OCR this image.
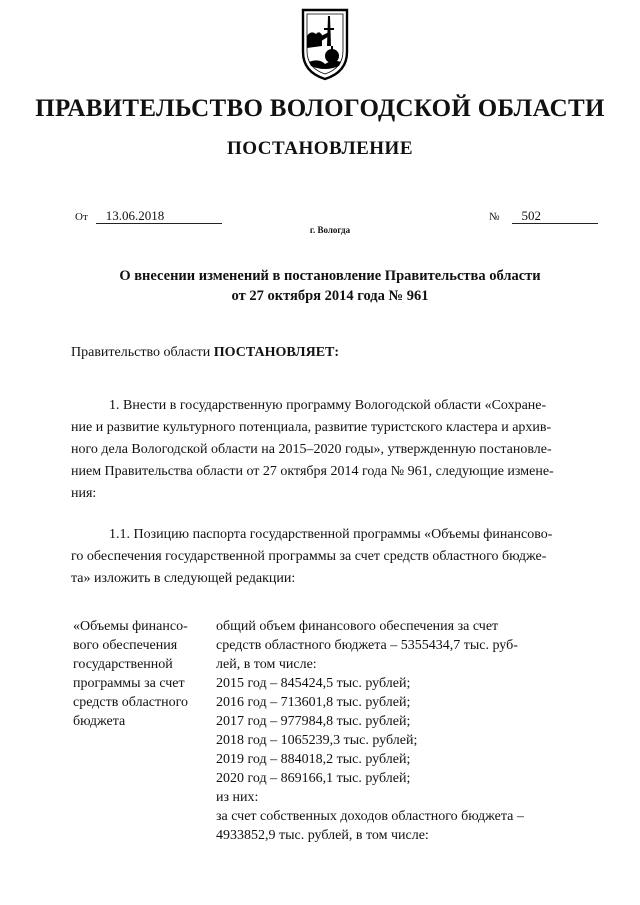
ПРАВИТЕЛЬСТВО ВОЛОГОДСКОЙ ОБЛАСТИ
ПОСТАНОВЛЕНИЕ
От 13.06.2018	№ 502
г. Вологда
О внесении изменений в постановление Правительства области
от 27 октября 2014 года № 961
Правительство области ПОСТАНОВЛЯЕТ:
1. Внести в государственную программу Вологодской области «Сохране-
ние и развитие культурного потенциала, развитие туристского кластера и архив-
ного дела Вологодской области на 2015–2020 годы», утвержденную постановле-
нием Правительства области от 27 октября 2014 года № 961, следующие измене-
ния:
1.1. Позицию паспорта государственной программы «Объемы финансово-
го обеспечения государственной программы за счет средств областного бюдже-
та» изложить в следующей редакции:
«Объемы финансо-
вого обеспечения
государственной
программы за счет
средств областного
бюджета
общий объем финансового обеспечения за счет
средств областного бюджета – 5355434,7 тыс. руб-
лей, в том числе:
2015 год – 845424,5 тыс. рублей;
2016 год – 713601,8 тыс. рублей;
2017 год – 977984,8 тыс. рублей;
2018 год – 1065239,3 тыс. рублей;
2019 год – 884018,2 тыс. рублей;
2020 год – 869166,1 тыс. рублей;
из них:
за счет собственных доходов областного бюджета –
4933852,9 тыс. рублей, в том числе:
